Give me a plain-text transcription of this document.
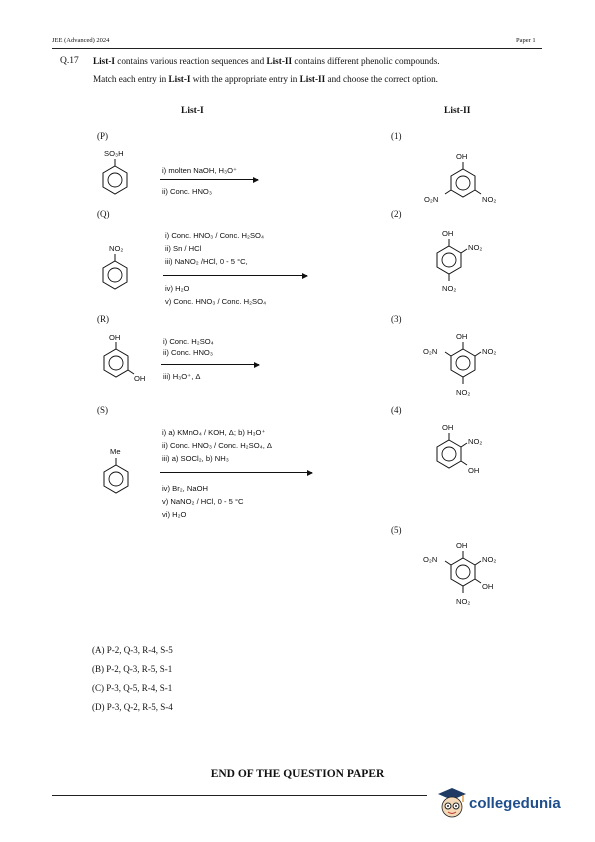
JEE (Advanced) 2024	Paper 1
Q.17 List-I contains various reaction sequences and List-II contains different phenolic compounds.
Match each entry in List-I with the appropriate entry in List-II and choose the correct option.
List-I	List-II
(P)
SO₃H
i) molten NaOH, H₃O⁺
ii) Conc. HNO₃
(Q)
NO₂
i) Conc. HNO₃ / Conc. H₂SO₄
ii) Sn / HCl
iii) NaNO₂ /HCl, 0 - 5 °C,
iv) H₂O
v) Conc. HNO₃ / Conc. H₂SO₄
(R)
OH
OH
i) Conc. H₂SO₄
ii) Conc. HNO₃
iii) H₃O⁺, Δ
(S)
Me
i) a) KMnO₄ / KOH, Δ; b) H₃O⁺
ii) Conc. HNO₃ / Conc. H₂SO₄, Δ
iii) a) SOCl₂, b) NH₃
iv) Br₂, NaOH
v) NaNO₂ / HCl, 0 - 5 °C
vi) H₂O
(1)
OH
O₂N	NO₂
(2)
OH
NO₂
NO₂
(3)
OH
O₂N	NO₂
NO₂
(4)
OH
NO₂
OH
(5)
OH
O₂N	NO₂
OH
NO₂
(A) P-2, Q-3, R-4, S-5
(B) P-2, Q-3, R-5, S-1
(C) P-3, Q-5, R-4, S-1
(D) P-3, Q-2, R-5, S-4
END OF THE QUESTION PAPER
collegedunia
